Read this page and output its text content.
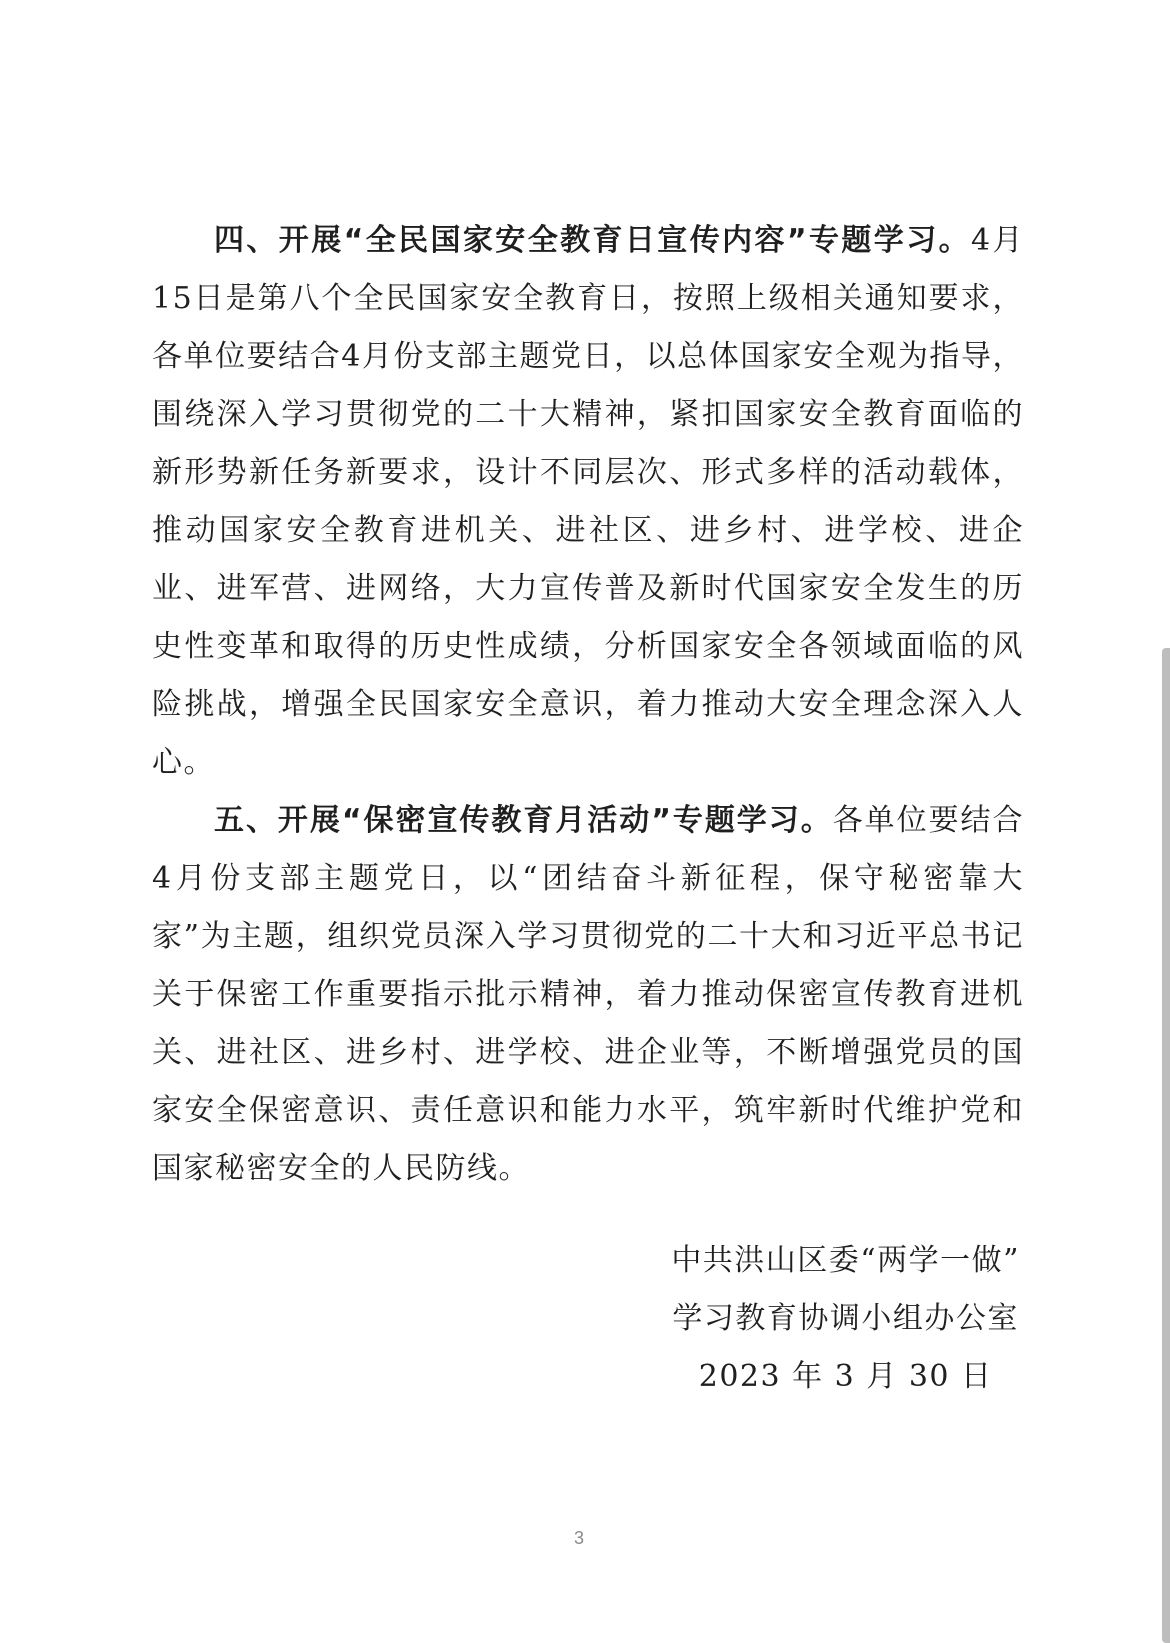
四、开展“全民国家安全教育日宣传内容”专题学习。4月15日是第八个全民国家安全教育日，按照上级相关通知要求，各单位要结合4月份支部主题党日，以总体国家安全观为指导，围绕深入学习贯彻党的二十大精神，紧扣国家安全教育面临的新形势新任务新要求，设计不同层次、形式多样的活动载体，推动国家安全教育进机关、进社区、进乡村、进学校、进企业、进军营、进网络，大力宣传普及新时代国家安全发生的历史性变革和取得的历史性成绩，分析国家安全各领域面临的风险挑战，增强全民国家安全意识，着力推动大安全理念深入人心。

五、开展“保密宣传教育月活动”专题学习。各单位要结合4月份支部主题党日，以“团结奋斗新征程，保守秘密靠大家”为主题，组织党员深入学习贯彻党的二十大和习近平总书记关于保密工作重要指示批示精神，着力推动保密宣传教育进机关、进社区、进乡村、进学校、进企业等，不断增强党员的国家安全保密意识、责任意识和能力水平，筑牢新时代维护党和国家秘密安全的人民防线。

中共洪山区委“两学一做”
学习教育协调小组办公室
2023 年 3 月 30 日
3
